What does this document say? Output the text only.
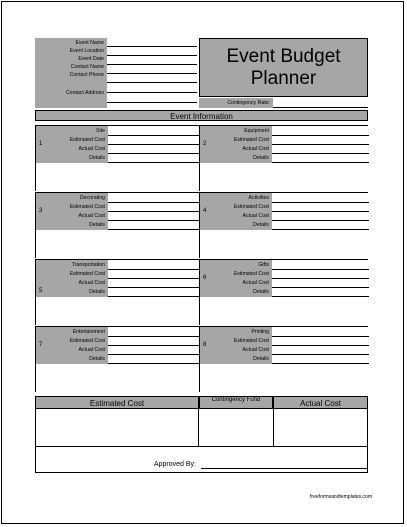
Event Name
Event Location
Event Date
Contact Name
Contact Phone
Contact Address
Event Budget Planner
Contingency Rate:
Event Information
1
Site
Estimated Cost
Actual Cost
Details
2
Equipment
Estimated Cost
Actual Cost
Details
3
Decorating
Estimated Cost
Actual Cost
Details
4
Activities
Estimated Cost
Actual Cost
Details
5
Transportation
Estimated Cost
Actual Cost
Details
6
Gifts
Estimated Cost
Actual Cost
Details
7
Entertainment
Estimated Cost
Actual Cost
Details
8
Printing
Estimated Cost
Actual Cost
Details
Estimated Cost	Contingency Fund	Actual Cost
Approved By:
freeformsandtemplates.com
